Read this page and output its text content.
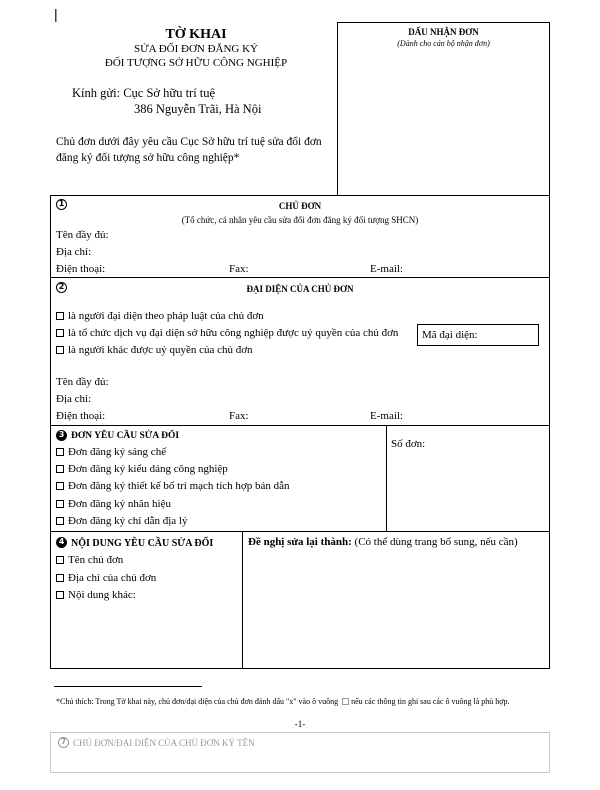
|
TỜ KHAI
SỬA ĐỔI ĐƠN ĐĂNG KÝ
ĐỐI TƯỢNG SỞ HỮU CÔNG NGHIỆP
Kính gửi: Cục Sở hữu trí tuệ
386 Nguyễn Trãi, Hà Nội
Chủ đơn dưới đây yêu cầu Cục Sở hữu trí tuệ sửa đổi đơn đăng ký đối tượng sở hữu công nghiệp*
DẤU NHẬN ĐƠN
(Dành cho cán bộ nhận đơn)
1	CHỦ ĐƠN
(Tổ chức, cá nhân yêu cầu sửa đổi đơn đăng ký đối tượng SHCN)
Tên đầy đủ:
Địa chỉ:
Điện thoại:	Fax:	E-mail:
2	ĐẠI DIỆN CỦA CHỦ ĐƠN
là người đại diện theo pháp luật của chủ đơn
là tổ chức dịch vụ đại diện sở hữu công nghiệp được uỷ quyền của chủ đơn
là người khác được uỷ quyền của chủ đơn
Mã đại diện:
Tên đầy đủ:
Địa chỉ:
Điện thoại:	Fax:	E-mail:
3 ĐƠN YÊU CẦU SỬA ĐỔI
Đơn đăng ký sáng chế
Đơn đăng ký kiểu dáng công nghiệp
Đơn đăng ký thiết kế bố trí mạch tích hợp bán dẫn
Đơn đăng ký nhãn hiệu
Đơn đăng ký chỉ dẫn địa lý
Số đơn:
4 NỘI DUNG YÊU CẦU SỬA ĐỔI
Tên chủ đơn
Địa chỉ của chủ đơn
Nội dung khác:
Đề nghị sửa lại thành: (Có thể dùng trang bổ sung, nếu cần)
*Chú thích: Trong Tờ khai này, chủ đơn/đại diện của chủ đơn đánh dấu "x" vào ô vuông  nếu các thông tin ghi sau các ô vuông là phù hợp.
-1-
7 CHỦ ĐƠN/ĐẠI DIỆN CỦA CHỦ ĐƠN KÝ TÊN
